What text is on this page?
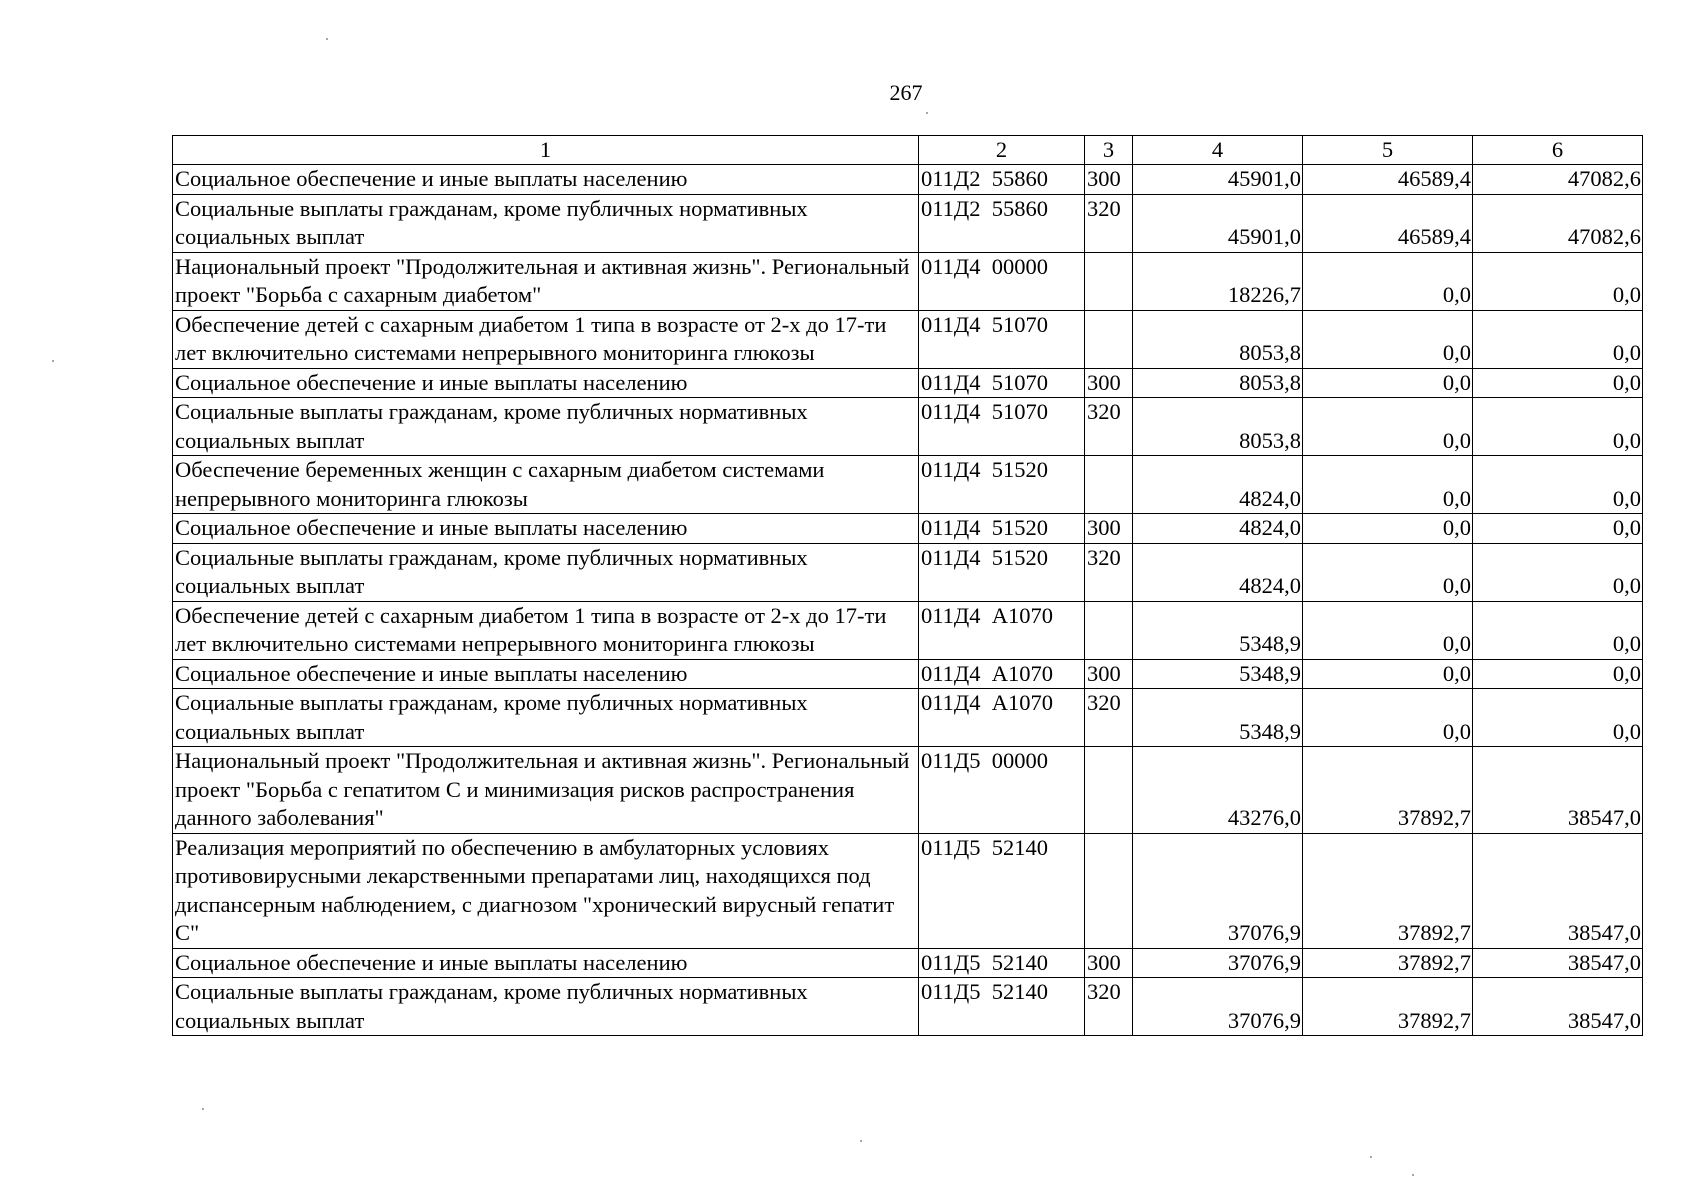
267
1	2	3	4	5	6
Социальное обеспечение и иные выплаты населению	011Д2  55860	300	45901,0	46589,4	47082,6
Социальные выплаты гражданам, кроме публичных нормативных социальных выплат	011Д2  55860	320	45901,0	46589,4	47082,6
Национальный проект "Продолжительная и активная жизнь". Региональный проект "Борьба с сахарным диабетом"	011Д4  00000		18226,7	0,0	0,0
Обеспечение детей с сахарным диабетом 1 типа в возрасте от 2-х до 17-ти лет включительно системами непрерывного мониторинга глюкозы	011Д4  51070		8053,8	0,0	0,0
Социальное обеспечение и иные выплаты населению	011Д4  51070	300	8053,8	0,0	0,0
Социальные выплаты гражданам, кроме публичных нормативных социальных выплат	011Д4  51070	320	8053,8	0,0	0,0
Обеспечение беременных женщин с сахарным диабетом системами непрерывного мониторинга глюкозы	011Д4  51520		4824,0	0,0	0,0
Социальное обеспечение и иные выплаты населению	011Д4  51520	300	4824,0	0,0	0,0
Социальные выплаты гражданам, кроме публичных нормативных социальных выплат	011Д4  51520	320	4824,0	0,0	0,0
Обеспечение детей с сахарным диабетом 1 типа в возрасте от 2-х до 17-ти лет включительно системами непрерывного мониторинга глюкозы	011Д4  А1070		5348,9	0,0	0,0
Социальное обеспечение и иные выплаты населению	011Д4  А1070	300	5348,9	0,0	0,0
Социальные выплаты гражданам, кроме публичных нормативных социальных выплат	011Д4  А1070	320	5348,9	0,0	0,0
Национальный проект "Продолжительная и активная жизнь". Региональный проект "Борьба с гепатитом С и минимизация рисков распространения данного заболевания"	011Д5  00000		43276,0	37892,7	38547,0
Реализация мероприятий по обеспечению в амбулаторных условиях противовирусными лекарственными препаратами лиц, находящихся под диспансерным наблюдением, с диагнозом "хронический вирусный гепатит С"	011Д5  52140		37076,9	37892,7	38547,0
Социальное обеспечение и иные выплаты населению	011Д5  52140	300	37076,9	37892,7	38547,0
Социальные выплаты гражданам, кроме публичных нормативных социальных выплат	011Д5  52140	320	37076,9	37892,7	38547,0
